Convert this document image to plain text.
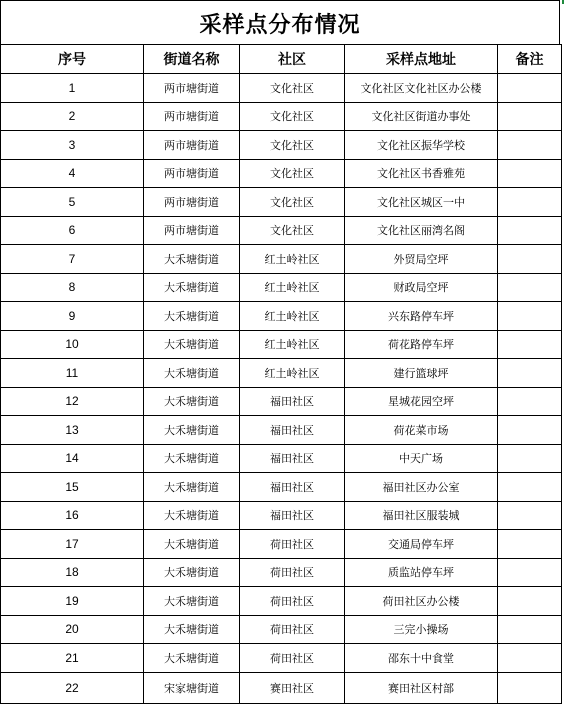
采样点分布情况
序号	街道名称	社区	采样点地址	备注
1	两市塘街道	文化社区	文化社区文化社区办公楼	
2	两市塘街道	文化社区	文化社区街道办事处	
3	两市塘街道	文化社区	文化社区振华学校	
4	两市塘街道	文化社区	文化社区书香雅苑	
5	两市塘街道	文化社区	文化社区城区一中	
6	两市塘街道	文化社区	文化社区丽湾名阁	
7	大禾塘街道	红土岭社区	外贸局空坪	
8	大禾塘街道	红土岭社区	财政局空坪	
9	大禾塘街道	红土岭社区	兴东路停车坪	
10	大禾塘街道	红土岭社区	荷花路停车坪	
11	大禾塘街道	红土岭社区	建行篮球坪	
12	大禾塘街道	福田社区	星城花园空坪	
13	大禾塘街道	福田社区	荷花菜市场	
14	大禾塘街道	福田社区	中天广场	
15	大禾塘街道	福田社区	福田社区办公室	
16	大禾塘街道	福田社区	福田社区服装城	
17	大禾塘街道	荷田社区	交通局停车坪	
18	大禾塘街道	荷田社区	质监站停车坪	
19	大禾塘街道	荷田社区	荷田社区办公楼	
20	大禾塘街道	荷田社区	三完小操场	
21	大禾塘街道	荷田社区	邵东十中食堂	
22	宋家塘街道	赛田社区	赛田社区村部	
